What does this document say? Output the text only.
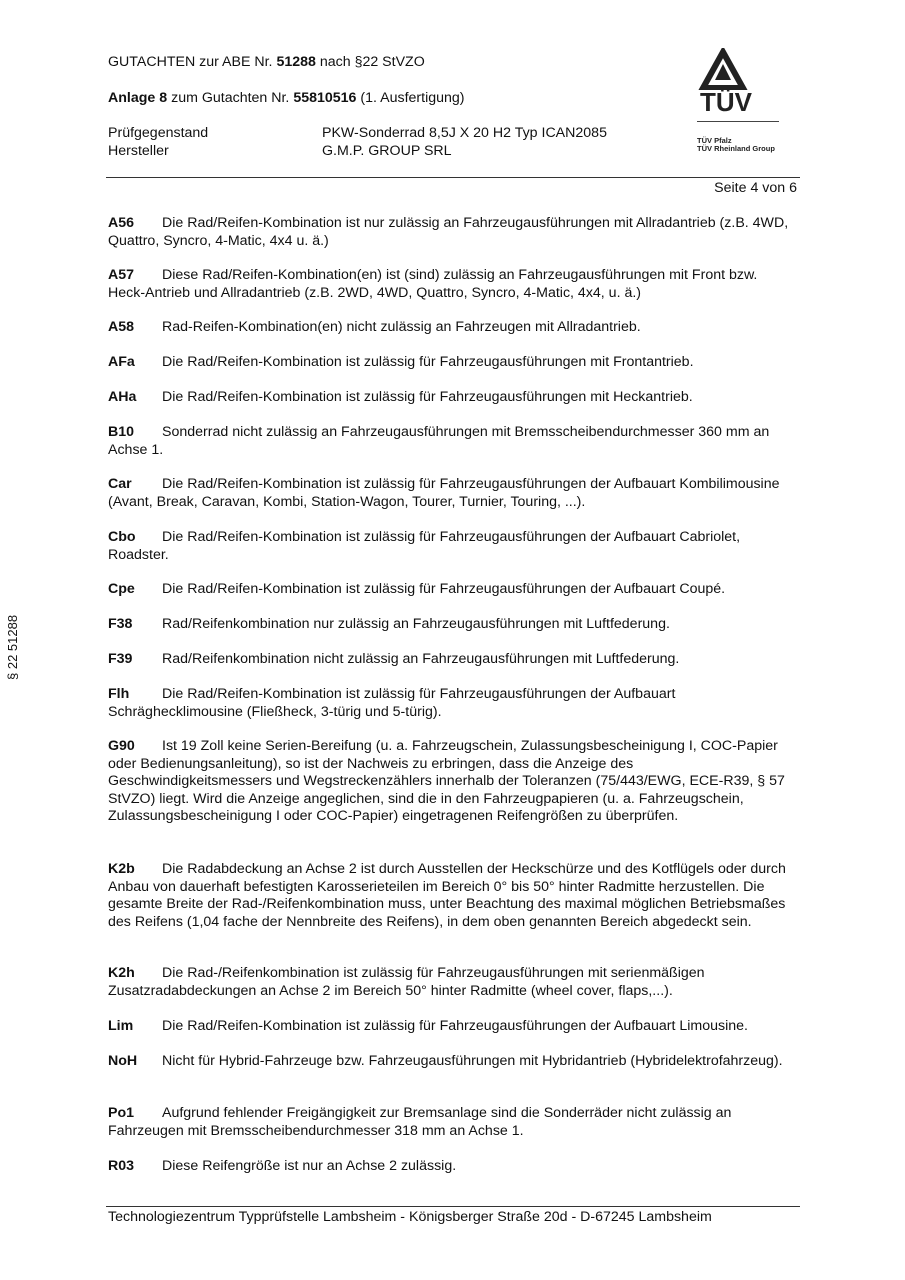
GUTACHTEN zur ABE Nr. 51288 nach §22 StVZO
Anlage 8 zum Gutachten Nr. 55810516 (1. Ausfertigung)
Prüfgegenstand	PKW-Sonderrad 8,5J X 20 H2 Typ ICAN2085
Hersteller	G.M.P. GROUP SRL
TÜV
TÜV Pfalz
TÜV Rheinland Group
Seite 4 von 6
§ 22 51288
A56 Die Rad/Reifen-Kombination ist nur zulässig an Fahrzeugausführungen mit Allradantrieb (z.B. 4WD, Quattro, Syncro, 4-Matic, 4x4 u. ä.)
A57 Diese Rad/Reifen-Kombination(en) ist (sind) zulässig an Fahrzeugausführungen mit Front bzw. Heck-Antrieb und Allradantrieb (z.B. 2WD, 4WD, Quattro, Syncro, 4-Matic, 4x4, u. ä.)
A58 Rad-Reifen-Kombination(en) nicht zulässig an Fahrzeugen mit Allradantrieb.
AFa Die Rad/Reifen-Kombination ist zulässig für Fahrzeugausführungen mit Frontantrieb.
AHa Die Rad/Reifen-Kombination ist zulässig für Fahrzeugausführungen mit Heckantrieb.
B10 Sonderrad nicht zulässig an Fahrzeugausführungen mit Bremsscheibendurchmesser 360 mm an Achse 1.
Car Die Rad/Reifen-Kombination ist zulässig für Fahrzeugausführungen der Aufbauart Kombilimousine (Avant, Break, Caravan, Kombi, Station-Wagon, Tourer, Turnier, Touring, ...).
Cbo Die Rad/Reifen-Kombination ist zulässig für Fahrzeugausführungen der Aufbauart Cabriolet, Roadster.
Cpe Die Rad/Reifen-Kombination ist zulässig für Fahrzeugausführungen der Aufbauart Coupé.
F38 Rad/Reifenkombination nur zulässig an Fahrzeugausführungen mit Luftfederung.
F39 Rad/Reifenkombination nicht zulässig an Fahrzeugausführungen mit Luftfederung.
Flh Die Rad/Reifen-Kombination ist zulässig für Fahrzeugausführungen der Aufbauart Schräghecklimousine (Fließheck, 3-türig und 5-türig).
G90 Ist 19 Zoll keine Serien-Bereifung (u. a. Fahrzeugschein, Zulassungsbescheinigung I, COC-Papier oder Bedienungsanleitung), so ist der Nachweis zu erbringen, dass die Anzeige des Geschwindigkeitsmessers und Wegstreckenzählers innerhalb der Toleranzen (75/443/EWG, ECE-R39, § 57 StVZO) liegt. Wird die Anzeige angeglichen, sind die in den Fahrzeugpapieren (u. a. Fahrzeugschein, Zulassungsbescheinigung I oder COC-Papier) eingetragenen Reifengrößen zu überprüfen.
K2b Die Radabdeckung an Achse 2 ist durch Ausstellen der Heckschürze und des Kotflügels oder durch Anbau von dauerhaft befestigten Karosserieteilen im Bereich 0° bis 50° hinter Radmitte herzustellen. Die gesamte Breite der Rad-/Reifenkombination muss, unter Beachtung des maximal möglichen Betriebsmaßes des Reifens (1,04 fache der Nennbreite des Reifens), in dem oben genannten Bereich abgedeckt sein.
K2h Die Rad-/Reifenkombination ist zulässig für Fahrzeugausführungen mit serienmäßigen Zusatzradabdeckungen an Achse 2 im Bereich 50° hinter Radmitte (wheel cover, flaps,...).
Lim Die Rad/Reifen-Kombination ist zulässig für Fahrzeugausführungen der Aufbauart Limousine.
NoH Nicht für Hybrid-Fahrzeuge bzw. Fahrzeugausführungen mit Hybridantrieb (Hybridelektrofahrzeug).
Po1 Aufgrund fehlender Freigängigkeit zur Bremsanlage sind die Sonderräder nicht zulässig an Fahrzeugen mit Bremsscheibendurchmesser 318 mm an Achse 1.
R03 Diese Reifengröße ist nur an Achse 2 zulässig.
Technologiezentrum Typprüfstelle Lambsheim - Königsberger Straße 20d - D-67245 Lambsheim
